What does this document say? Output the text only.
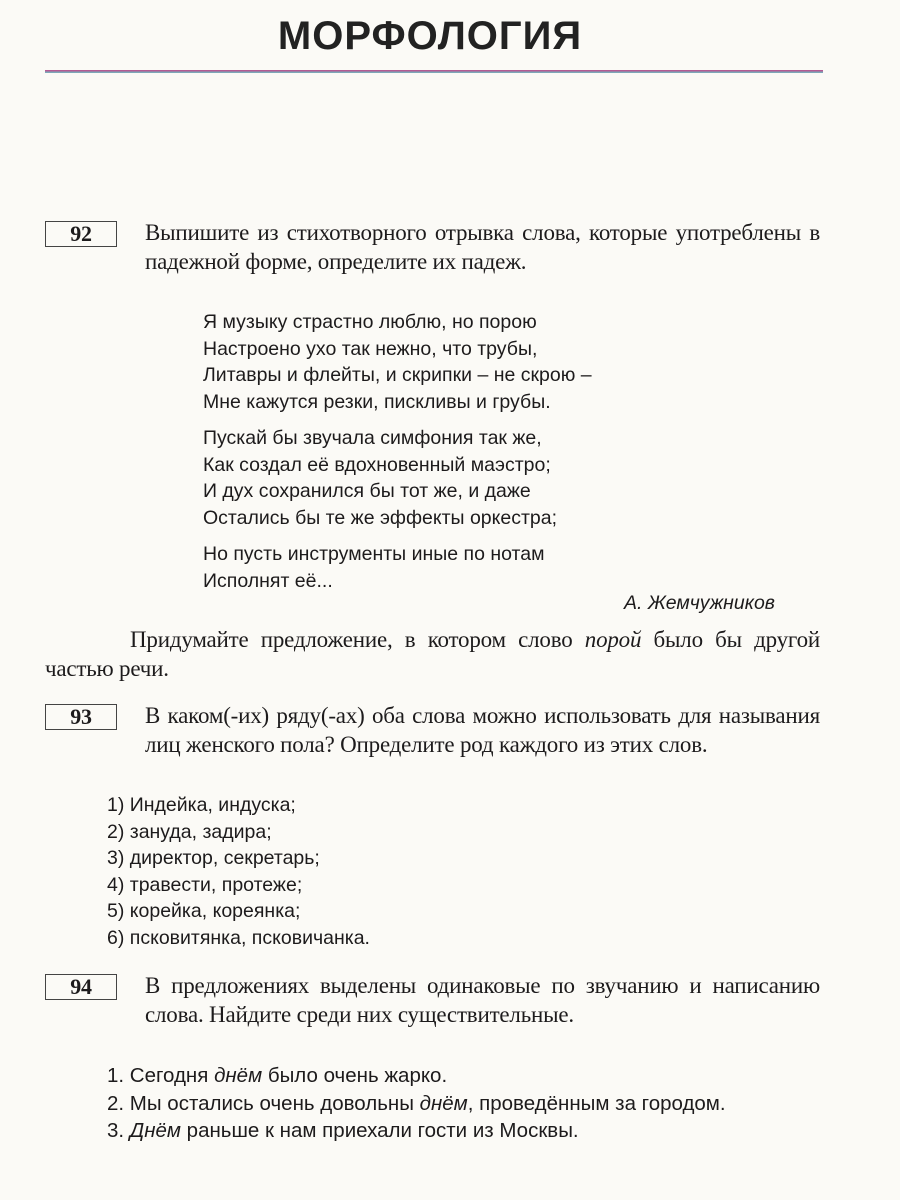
МОРФОЛОГИЯ
92	Выпишите из стихотворного отрывка слова, которые употреблены в падежной форме, определите их падеж.
Я музыку страстно люблю, но порою
Настроено ухо так нежно, что трубы,
Литавры и флейты, и скрипки – не скрою –
Мне кажутся резки, пискливы и грубы.
Пускай бы звучала симфония так же,
Как создал её вдохновенный маэстро;
И дух сохранился бы тот же, и даже
Остались бы те же эффекты оркестра;
Но пусть инструменты иные по нотам
Исполнят её...
А. Жемчужников
Придумайте предложение, в котором слово порой было бы другой частью речи.
93	В каком(-их) ряду(-ах) оба слова можно использовать для называния лиц женского пола? Определите род каждого из этих слов.
1) Индейка, индуска;
2) зануда, задира;
3) директор, секретарь;
4) травести, протеже;
5) корейка, кореянка;
6) псковитянка, псковичанка.
94	В предложениях выделены одинаковые по звучанию и написанию слова. Найдите среди них существительные.
1. Сегодня днём было очень жарко.
2. Мы остались очень довольны днём, проведённым за городом.
3. Днём раньше к нам приехали гости из Москвы.
